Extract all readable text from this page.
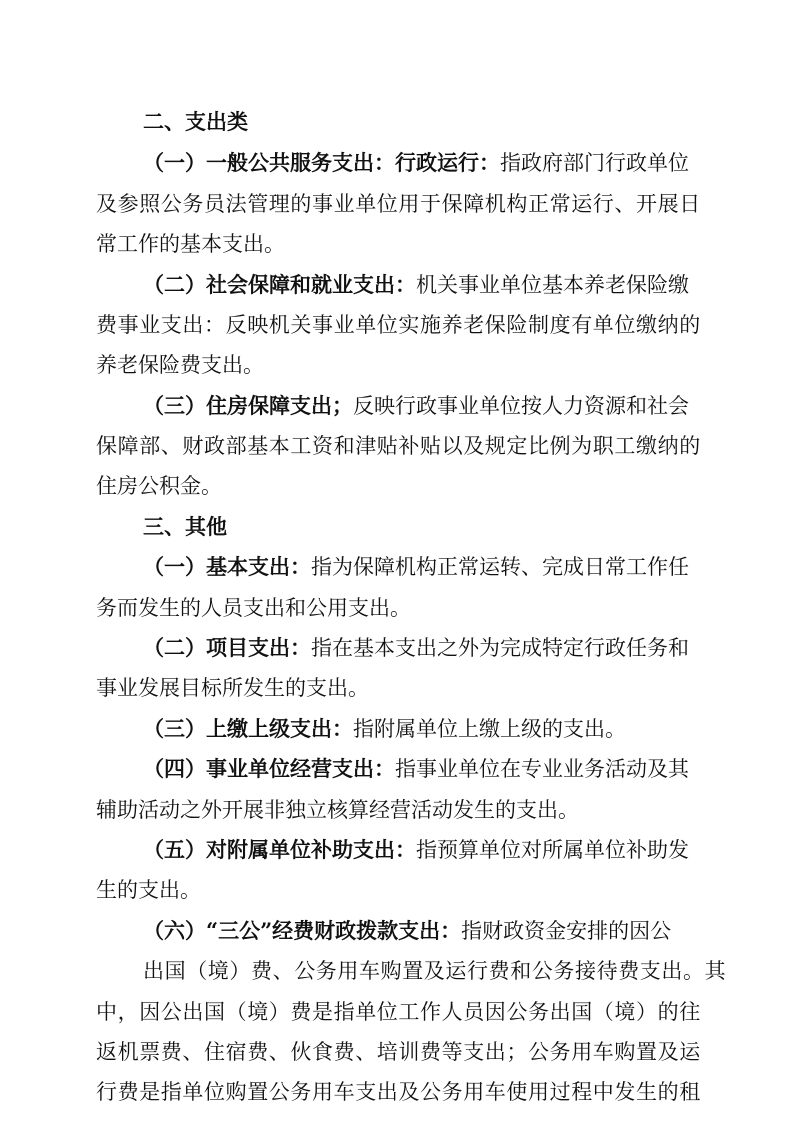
二、支出类

（一）一般公共服务支出：行政运行：指政府部门行政单位

及参照公务员法管理的事业单位用于保障机构正常运行、开展日

常工作的基本支出。

（二）社会保障和就业支出：机关事业单位基本养老保险缴

费事业支出：反映机关事业单位实施养老保险制度有单位缴纳的

养老保险费支出。

（三）住房保障支出；反映行政事业单位按人力资源和社会

保障部、财政部基本工资和津贴补贴以及规定比例为职工缴纳的

住房公积金。

三、其他

（一）基本支出：指为保障机构正常运转、完成日常工作任

务而发生的人员支出和公用支出。

（二）项目支出：指在基本支出之外为完成特定行政任务和

事业发展目标所发生的支出。

（三）上缴上级支出：指附属单位上缴上级的支出。

（四）事业单位经营支出：指事业单位在专业业务活动及其

辅助活动之外开展非独立核算经营活动发生的支出。

（五）对附属单位补助支出：指预算单位对所属单位补助发

生的支出。

（六）“三公”经费财政拨款支出：指财政资金安排的因公

出国（境）费、公务用车购置及运行费和公务接待费支出。其

中，因公出国（境）费是指单位工作人员因公务出国（境）的往

返机票费、住宿费、伙食费、培训费等支出；公务用车购置及运

行费是指单位购置公务用车支出及公务用车使用过程中发生的租
